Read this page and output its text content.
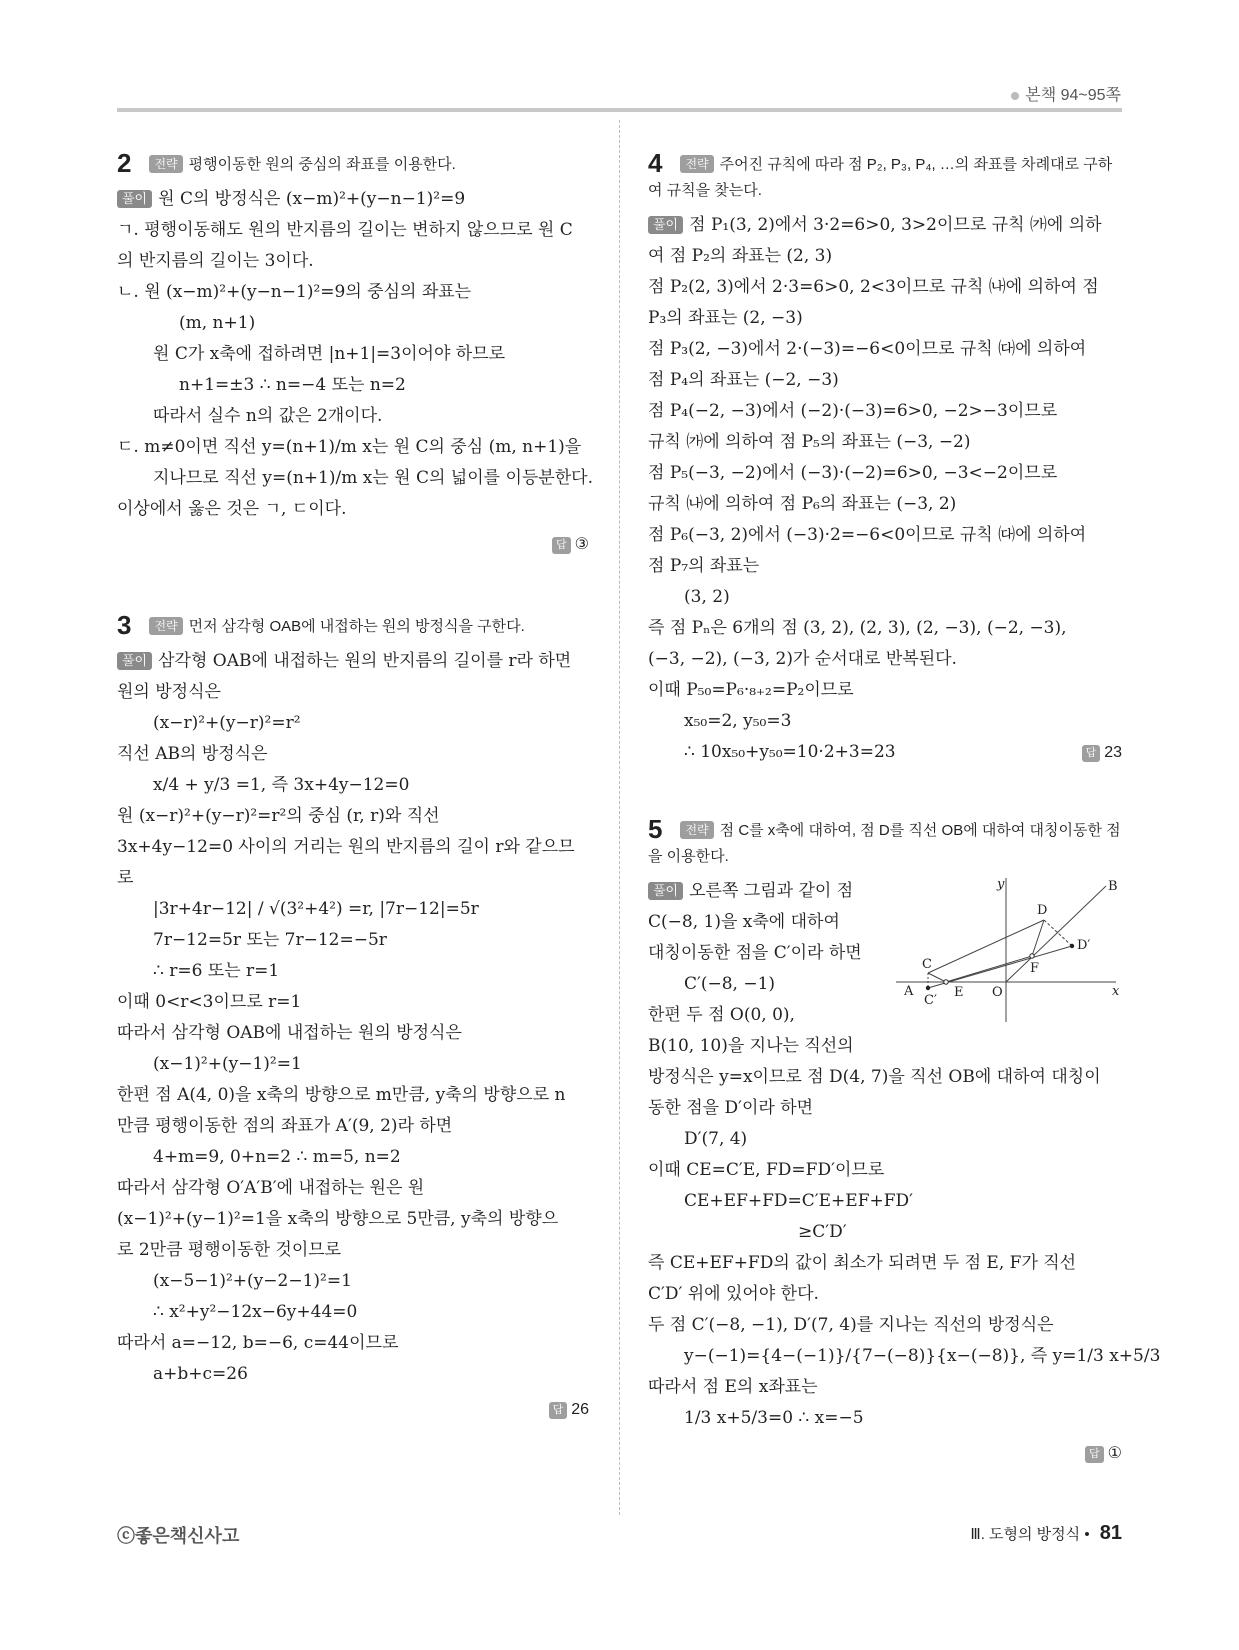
본책 94~95쪽
2 전략 평행이동한 원의 중심의 좌표를 이용한다.
풀이 원 C의 방정식은 (x−m)²+(y−n−1)²=9
ㄱ. 평행이동해도 원의 반지름의 길이는 변하지 않으므로 원 C
의 반지름의 길이는 3이다.
ㄴ. 원 (x−m)²+(y−n−1)²=9의 중심의 좌표는
(m, n+1)
원 C가 x축에 접하려면 |n+1|=3이어야 하므로
n+1=±3 ∴ n=−4 또는 n=2
따라서 실수 n의 값은 2개이다.
ㄷ. m≠0이면 직선 y=(n+1)/m x는 원 C의 중심 (m, n+1)을
지나므로 직선 y=(n+1)/m x는 원 C의 넓이를 이등분한다.
이상에서 옳은 것은 ㄱ, ㄷ이다.
답 ③
3 전략 먼저 삼각형 OAB에 내접하는 원의 방정식을 구한다.
풀이 삼각형 OAB에 내접하는 원의 반지름의 길이를 r라 하면
원의 방정식은
(x−r)²+(y−r)²=r²
직선 AB의 방정식은
x/4 + y/3 =1, 즉 3x+4y−12=0
원 (x−r)²+(y−r)²=r²의 중심 (r, r)와 직선
3x+4y−12=0 사이의 거리는 원의 반지름의 길이 r와 같으므
로
|3r+4r−12| / √(3²+4²) =r, |7r−12|=5r
7r−12=5r 또는 7r−12=−5r
∴ r=6 또는 r=1
이때 0<r<3이므로 r=1
따라서 삼각형 OAB에 내접하는 원의 방정식은
(x−1)²+(y−1)²=1
한편 점 A(4, 0)을 x축의 방향으로 m만큼, y축의 방향으로 n
만큼 평행이동한 점의 좌표가 A′(9, 2)라 하면
4+m=9, 0+n=2 ∴ m=5, n=2
따라서 삼각형 O′A′B′에 내접하는 원은 원
(x−1)²+(y−1)²=1을 x축의 방향으로 5만큼, y축의 방향으
로 2만큼 평행이동한 것이므로
(x−5−1)²+(y−2−1)²=1
∴ x²+y²−12x−6y+44=0
따라서 a=−12, b=−6, c=44이므로
a+b+c=26
답 26
4 전략 주어진 규칙에 따라 점 P₂, P₃, P₄, …의 좌표를 차례대로 구하여 규칙을 찾는다.
풀이 점 P₁(3, 2)에서 3·2=6>0, 3>2이므로 규칙 ㈎에 의하
여 점 P₂의 좌표는 (2, 3)
점 P₂(2, 3)에서 2·3=6>0, 2<3이므로 규칙 ㈏에 의하여 점
P₃의 좌표는 (2, −3)
점 P₃(2, −3)에서 2·(−3)=−6<0이므로 규칙 ㈐에 의하여
점 P₄의 좌표는 (−2, −3)
점 P₄(−2, −3)에서 (−2)·(−3)=6>0, −2>−3이므로
규칙 ㈎에 의하여 점 P₅의 좌표는 (−3, −2)
점 P₅(−3, −2)에서 (−3)·(−2)=6>0, −3<−2이므로
규칙 ㈏에 의하여 점 P₆의 좌표는 (−3, 2)
점 P₆(−3, 2)에서 (−3)·2=−6<0이므로 규칙 ㈐에 의하여
점 P₇의 좌표는
(3, 2)
즉 점 Pₙ은 6개의 점 (3, 2), (2, 3), (2, −3), (−2, −3),
(−3, −2), (−3, 2)가 순서대로 반복된다.
이때 P₅₀=P₆·₈₊₂=P₂이므로
x₅₀=2, y₅₀=3
∴ 10x₅₀+y₅₀=10·2+3=23	답 23
5 전략 점 C를 x축에 대하여, 점 D를 직선 OB에 대하여 대칭이동한 점을 이용한다.
y	B
D
D′
C	F
A	E O	x
C′
풀이 오른쪽 그림과 같이 점
C(−8, 1)을 x축에 대하여
대칭이동한 점을 C′이라 하면
C′(−8, −1)
한편 두 점 O(0, 0),
B(10, 10)을 지나는 직선의
방정식은 y=x이므로 점 D(4, 7)을 직선 OB에 대하여 대칭이
동한 점을 D′이라 하면
D′(7, 4)
이때 CE=C′E, FD=FD′이므로
CE+EF+FD=C′E+EF+FD′
≥C′D′
즉 CE+EF+FD의 값이 최소가 되려면 두 점 E, F가 직선
C′D′ 위에 있어야 한다.
두 점 C′(−8, −1), D′(7, 4)를 지나는 직선의 방정식은
y−(−1)={4−(−1)}/{7−(−8)}{x−(−8)}, 즉 y=1/3 x+5/3
따라서 점 E의 x좌표는
1/3 x+5/3=0 ∴ x=−5
답 ①
ⓒ좋은책신사고	Ⅲ. 도형의 방정식 • 81
